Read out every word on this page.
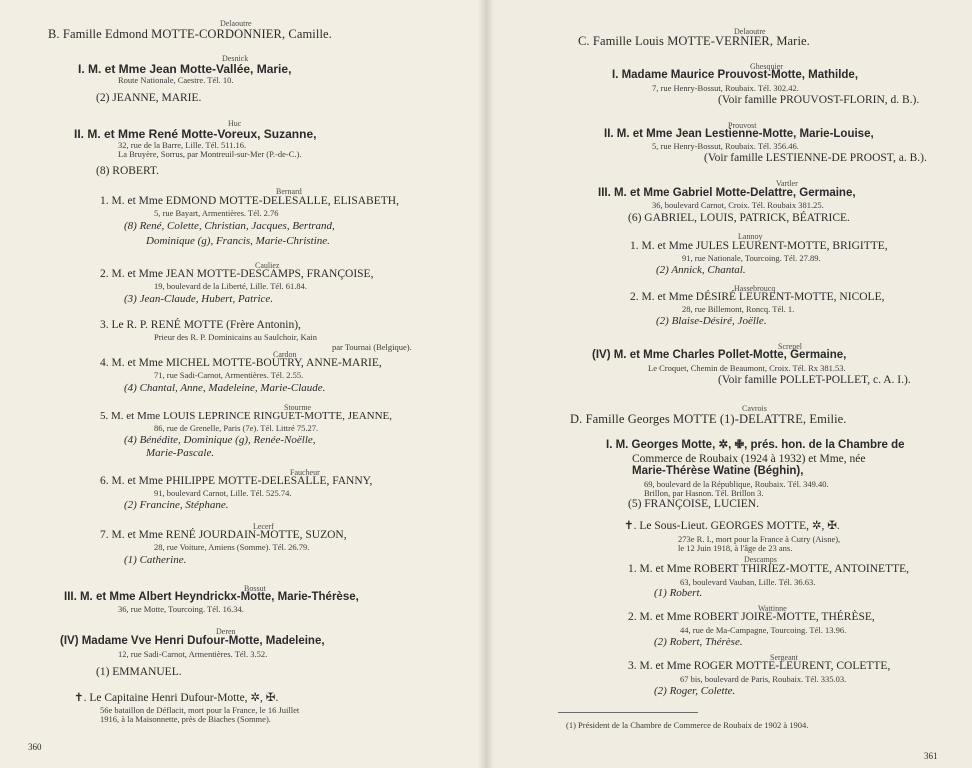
Delaoutre
B. Famille Edmond MOTTE-CORDONNIER, Camille.
Desnick
I. M. et Mme Jean Motte-Vallée, Marie,
Route Nationale, Caestre. Tél. 10.
(2) JEANNE, MARIE.
Huc
II. M. et Mme René Motte-Voreux, Suzanne,
32, rue de la Barre, Lille. Tél. 511.16.
La Bruyère, Sorrus, par Montreuil-sur-Mer (P.-de-C.).
(8) ROBERT.
Bernard
1. M. et Mme EDMOND MOTTE-DELESALLE, ELISABETH,
5, rue Bayart, Armentières. Tél. 2.76
(8) René, Colette, Christian, Jacques, Bertrand,
Dominique (g), Francis, Marie-Christine.
Cauliez
2. M. et Mme JEAN MOTTE-DESCAMPS, FRANÇOISE,
19, boulevard de la Liberté, Lille. Tél. 61.84.
(3) Jean-Claude, Hubert, Patrice.
3. Le R. P. RENÉ MOTTE (Frère Antonin),
Prieur des R. P. Dominicains au Saulchoir, Kain
par Tournai (Belgique).
Cardon
4. M. et Mme MICHEL MOTTE-BOUTRY, ANNE-MARIE,
71, rue Sadi-Carnot, Armentières. Tél. 2.55.
(4) Chantal, Anne, Madeleine, Marie-Claude.
Stourme
5. M. et Mme LOUIS LEPRINCE RINGUET-MOTTE, JEANNE,
86, rue de Grenelle, Paris (7e). Tél. Littré 75.27.
(4) Bénédite, Dominique (g), Renée-Noëlle,
Marie-Pascale.
Faucheur
6. M. et Mme PHILIPPE MOTTE-DELESALLE, FANNY,
91, boulevard Carnot, Lille. Tél. 525.74.
(2) Francine, Stéphane.
Lecerf
7. M. et Mme RENÉ JOURDAIN-MOTTE, SUZON,
28, rue Voiture, Amiens (Somme). Tél. 26.79.
(1) Catherine.
Bossut
III. M. et Mme Albert Heyndrickx-Motte, Marie-Thérèse,
36, rue Motte, Tourcoing. Tél. 16.34.
Deren
(IV) Madame Vve Henri Dufour-Motte, Madeleine,
12, rue Sadi-Carnot, Armentières. Tél. 3.52.
(1) EMMANUEL.
✝. Le Capitaine Henri Dufour-Motte, ✲, ✠.
56e bataillon de Déflacit, mort pour la France, le 16 Juillet
1916, à la Maisonnette, près de Biaches (Somme).
360
Delaoutre
C. Famille Louis MOTTE-VERNIER, Marie.
Ghesquier
I. Madame Maurice Prouvost-Motte, Mathilde,
7, rue Henry-Bossut, Roubaix. Tél. 302.42.
(Voir famille PROUVOST-FLORIN, d. B.).
Prouvost
II. M. et Mme Jean Lestienne-Motte, Marie-Louise,
5, rue Henry-Bossut, Roubaix. Tél. 356.46.
(Voir famille LESTIENNE-DE PROOST, a. B.).
Vartler
III. M. et Mme Gabriel Motte-Delattre, Germaine,
36, boulevard Carnot, Croix. Tél. Roubaix 381.25.
(6) GABRIEL, LOUIS, PATRICK, BÉATRICE.
Lannoy
1. M. et Mme JULES LEURENT-MOTTE, BRIGITTE,
91, rue Nationale, Tourcoing. Tél. 27.89.
(2) Annick, Chantal.
Hassebroucq
2. M. et Mme DÉSIRÉ LEURENT-MOTTE, NICOLE,
28, rue Billemont, Roncq. Tél. 1.
(2) Blaise-Désiré, Joëlle.
Screpel
(IV) M. et Mme Charles Pollet-Motte, Germaine,
Le Croquet, Chemin de Beaumont, Croix. Tél. Rx 381.53.
(Voir famille POLLET-POLLET, c. A. I.).
Cavrois
D. Famille Georges MOTTE (1)-DELATTRE, Emilie.
I. M. Georges Motte, ✲, ✙, prés. hon. de la Chambre de
Commerce de Roubaix (1924 à 1932) et Mme, née
Marie-Thérèse Watine (Béghin),
69, boulevard de la République, Roubaix. Tél. 349.40.
Brillon, par Hasnon. Tél. Brillon 3.
(5) FRANÇOISE, LUCIEN.
✝. Le Sous-Lieut. GEORGES MOTTE, ✲, ✠.
273e R. I., mort pour la France à Cutry (Aisne),
le 12 Juin 1918, à l'âge de 23 ans.
Descamps
1. M. et Mme ROBERT THIRIEZ-MOTTE, ANTOINETTE,
63, boulevard Vauban, Lille. Tél. 36.63.
(1) Robert.
Wattinne
2. M. et Mme ROBERT JOIRE-MOTTE, THÉRÈSE,
44, rue de Ma-Campagne, Tourcoing. Tél. 13.96.
(2) Robert, Thérèse.
Sergeant
3. M. et Mme ROGER MOTTE-LEURENT, COLETTE,
67 bis, boulevard de Paris, Roubaix. Tél. 335.03.
(2) Roger, Colette.
(1) Président de la Chambre de Commerce de Roubaix de 1902 à 1904.
361
